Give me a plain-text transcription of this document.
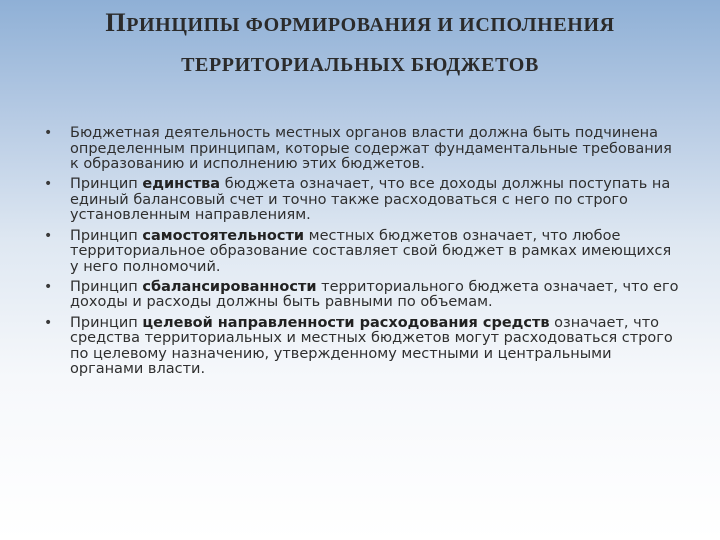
ПРИНЦИПЫ ФОРМИРОВАНИЯ И ИСПОЛНЕНИЯ
ТЕРРИТОРИАЛЬНЫХ БЮДЖЕТОВ
• Бюджетная деятельность местных органов власти должна быть подчинена определенным принципам, которые содержат фундаментальные требования к образованию и исполнению этих бюджетов.
• Принцип единства бюджета означает, что все доходы должны поступать на единый балансовый счет и точно также расходоваться с него по строго установленным направлениям.
• Принцип самостоятельности местных бюджетов означает, что любое территориальное образование составляет свой бюджет в рамках имеющихся у него полномочий.
• Принцип сбалансированности территориального бюджета означает, что его доходы и расходы должны быть равными по объемам.
• Принцип целевой направленности расходования средств означает, что средства территориальных и местных бюджетов могут расходоваться строго по целевому назначению, утвержденному местными и центральными органами власти.
